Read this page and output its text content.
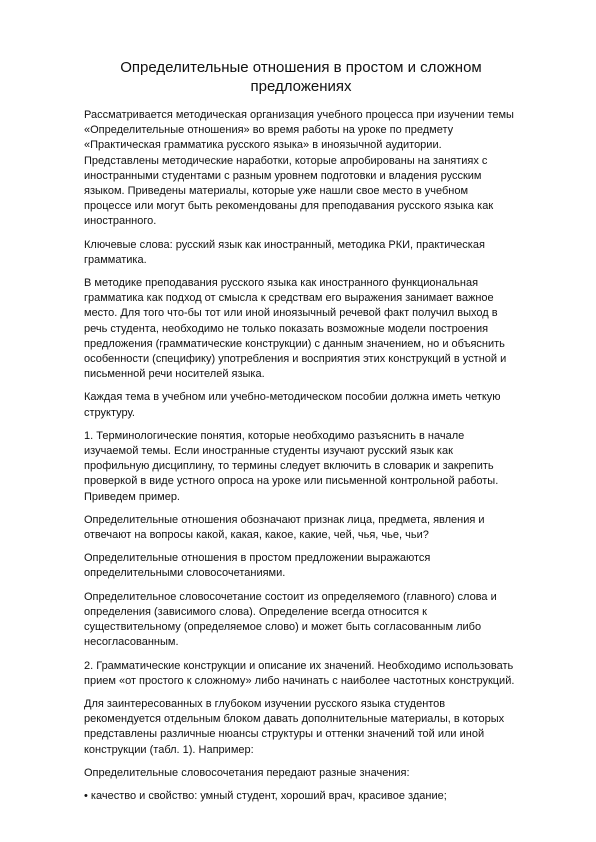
Определительные отношения в простом и сложном предложениях

Рассматривается методическая организация учебного процесса при изучении темы «Определительные отношения» во время работы на уроке по предмету «Практическая грамматика русского языка» в иноязычной аудитории. Представлены методические наработки, которые апробированы на занятиях с иностранными студентами с разным уровнем подготовки и владения русским языком. Приведены материалы, которые уже нашли свое место в учебном процессе или могут быть рекомендованы для преподавания русского языка как иностранного.

Ключевые слова: русский язык как иностранный, методика РКИ, практическая грамматика.

В методике преподавания русского языка как иностранного функциональная грамматика как подход от смысла к средствам его выражения занимает важное место. Для того что-бы тот или иной иноязычный речевой факт получил выход в речь студента, необходимо не только показать возможные модели построения предложения (грамматические конструкции) с данным значением, но и объяснить особенности (специфику) употребления и восприятия этих конструкций в устной и письменной речи носителей языка.

Каждая тема в учебном или учебно-методическом пособии должна иметь четкую структуру.

1. Терминологические понятия, которые необходимо разъяснить в начале изучаемой темы. Если иностранные студенты изучают русский язык как профильную дисциплину, то термины следует включить в словарик и закрепить проверкой в виде устного опроса на уроке или письменной контрольной работы. Приведем пример.

Определительные отношения обозначают признак лица, предмета, явления и отвечают на вопросы какой, какая, какое, какие, чей, чья, чье, чьи?

Определительные отношения в простом предложении выражаются определительными словосочетаниями.

Определительное словосочетание состоит из определяемого (главного) слова и определения (зависимого слова). Определение всегда относится к существительному (определяемое слово) и может быть согласованным либо несогласованным.

2. Грамматические конструкции и описание их значений. Необходимо использовать прием «от простого к сложному» либо начинать с наиболее частотных конструкций.

Для заинтересованных в глубоком изучении русского языка студентов рекомендуется отдельным блоком давать дополнительные материалы, в которых представлены различные нюансы структуры и оттенки значений той или иной конструкции (табл. 1). Например:

Определительные словосочетания передают разные значения:

• качество и свойство: умный студент, хороший врач, красивое здание;
